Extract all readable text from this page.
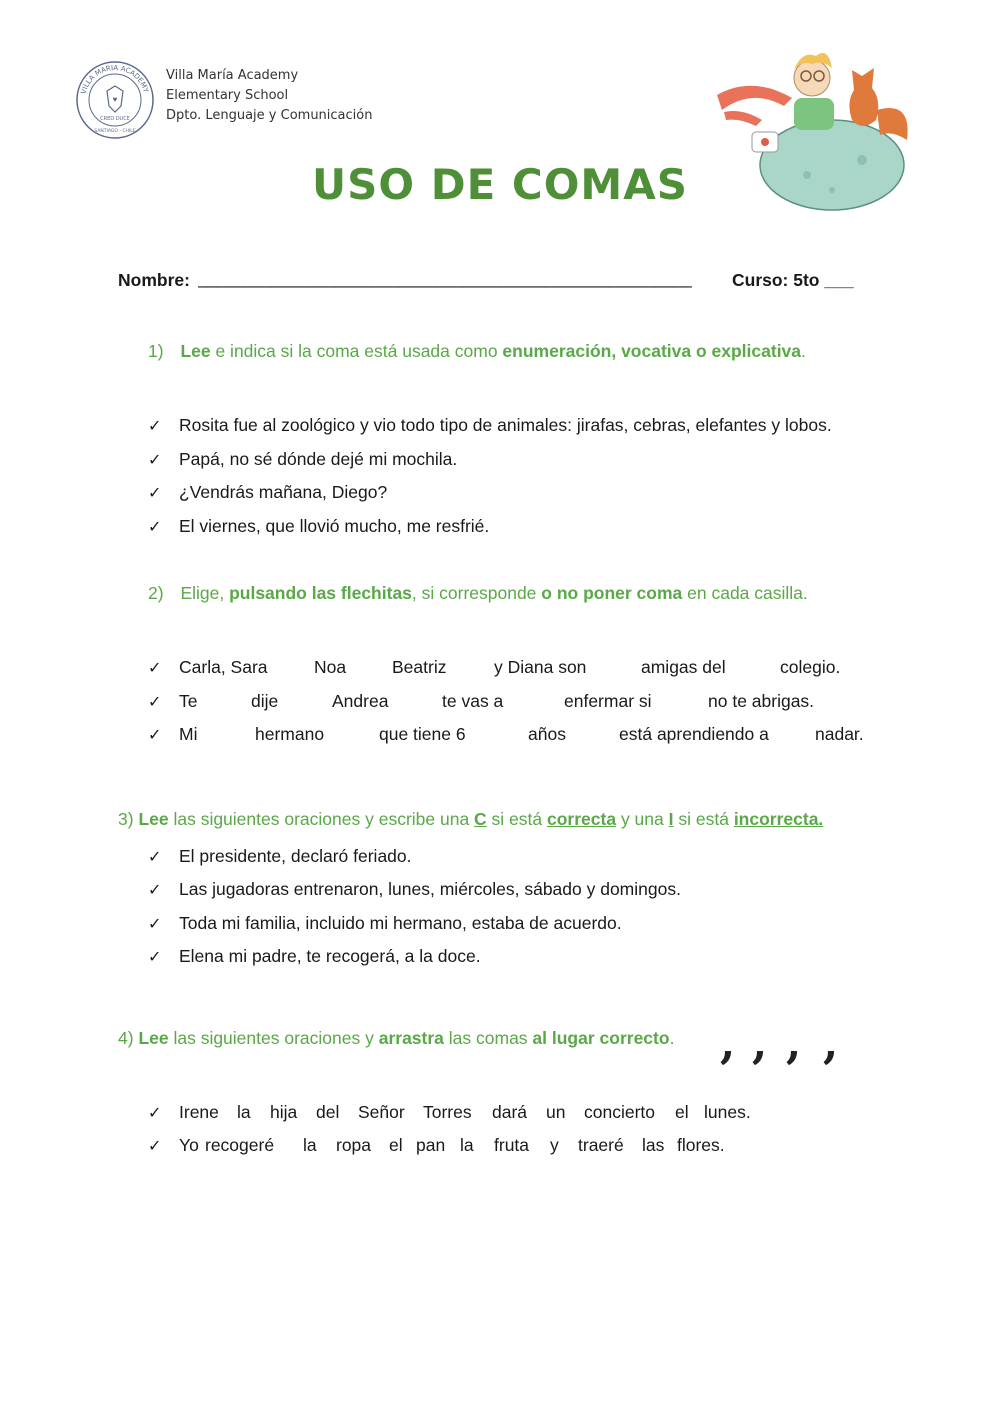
VILLA MARIA ACADEMY
♥
CRED DUCE
SANTIAGO - CHILE
Villa María Academy
Elementary School
Dpto. Lenguaje y Comunicación
USO DE COMAS
Nombre: ______________________________________________________	Curso: 5to ___
1) Lee e indica si la coma está usada como enumeración, vocativa o explicativa.
✓ Rosita fue al zoológico y vio todo tipo de animales: jirafas, cebras, elefantes y lobos.
✓ Papá, no sé dónde dejé mi mochila.
✓ ¿Vendrás mañana, Diego?
✓ El viernes, que llovió mucho, me resfrié.
2) Elige, pulsando las flechitas, si corresponde o no poner coma en cada casilla.
✓ Carla, Sara	Noa	Beatriz	y Diana son	amigas del	colegio.
✓ Te	dije	Andrea	te vas a	enfermar si	no te abrigas.
✓ Mi	hermano	que tiene 6	años	está aprendiendo a	nadar.
3) Lee las siguientes oraciones y escribe una C si está correcta y una I si está incorrecta.
✓ El presidente, declaró feriado.
✓ Las jugadoras entrenaron, lunes, miércoles, sábado y domingos.
✓ Toda mi familia, incluido mi hermano, estaba de acuerdo.
✓ Elena mi padre, te recogerá, a la doce.
4) Lee las siguientes oraciones y arrastra las comas al lugar correcto. , , , ,
✓ Irene la hija del Señor Torres dará un concierto el lunes.
✓ Yo recogeré la ropa el pan la fruta y traeré las flores.
